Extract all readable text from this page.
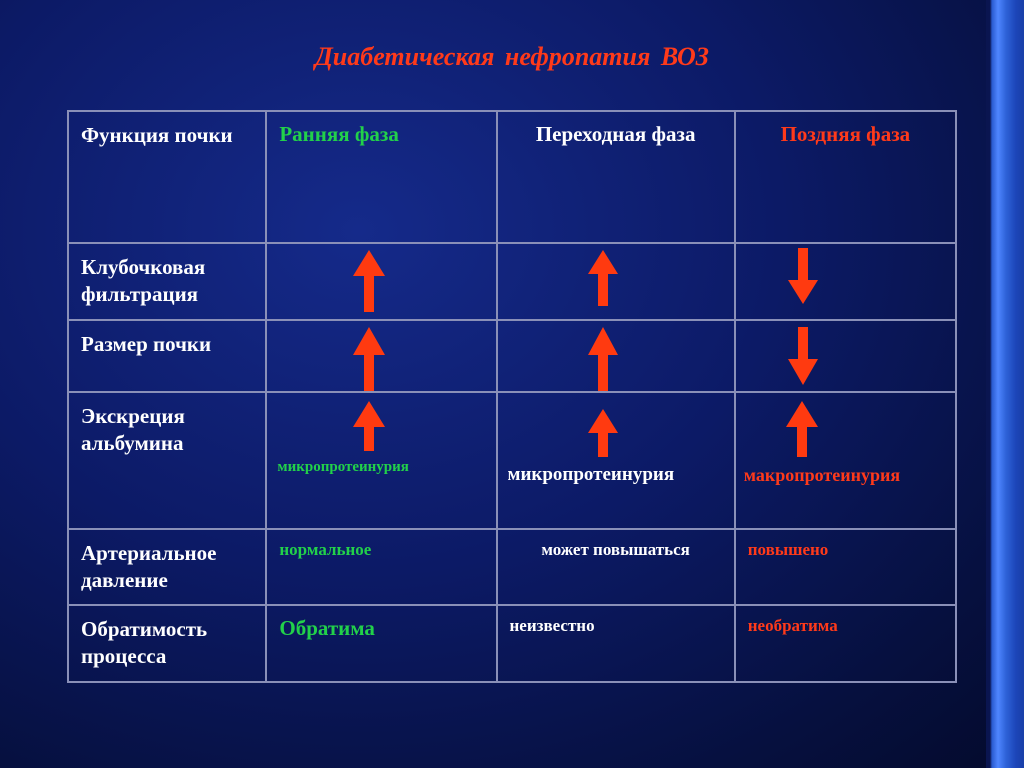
Диабетическая нефропатия ВОЗ
Функция почки	Ранняя фаза	Переходная фаза	Поздняя фаза
Клубочковая фильтрация	

Размер почки	

Экскреция альбумина	микропротеинурия	микропротеинурия	макропротеинурия

Артериальное давление	нормальное	может повышаться	повышено
Обратимость процесса	Обратима	неизвестно	необратима
